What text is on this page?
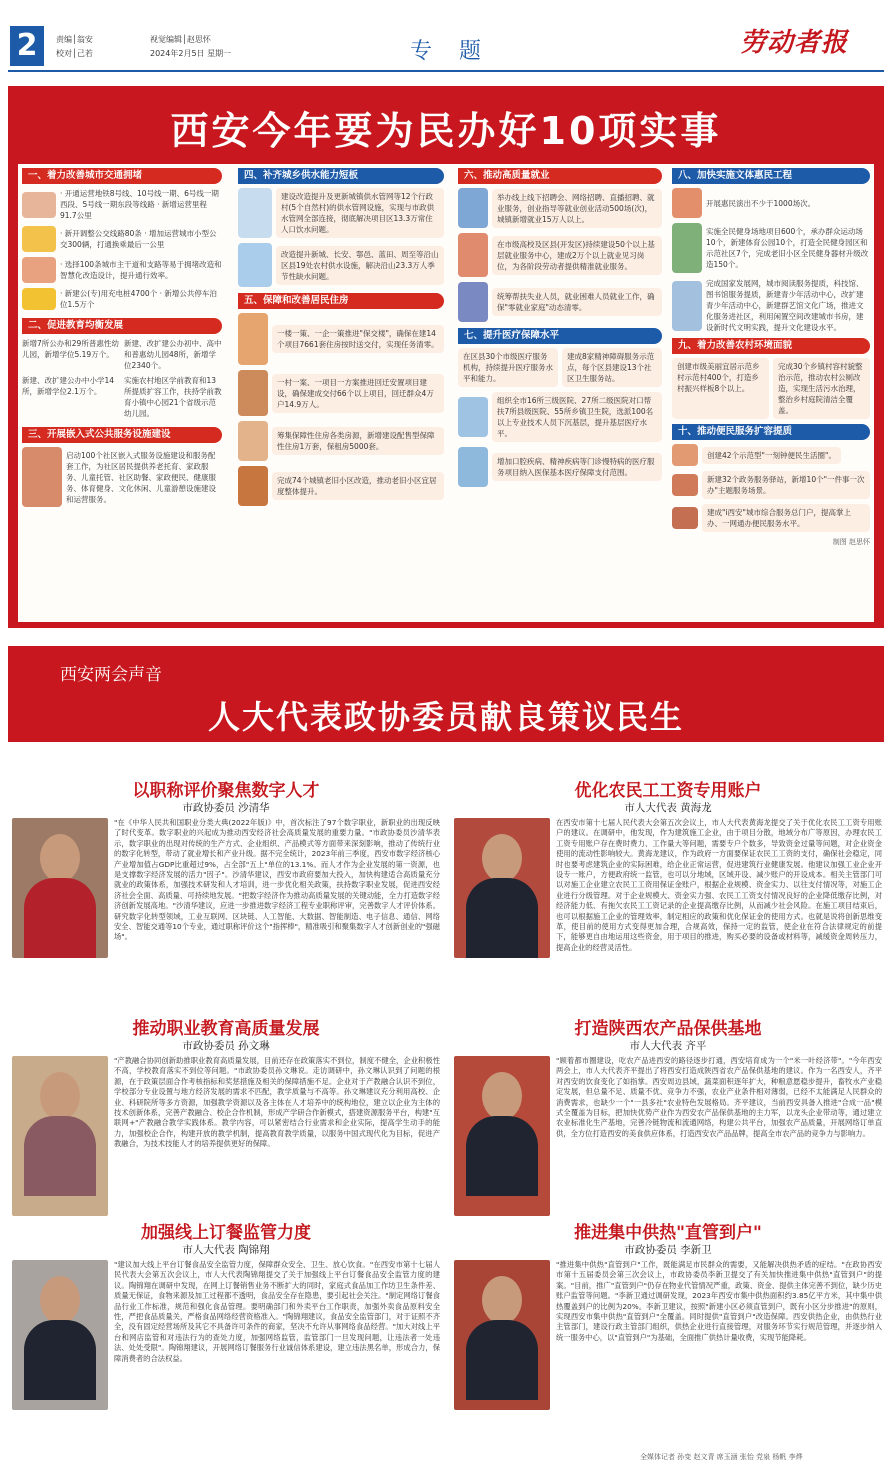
2	责编│翁安
校对│己若
视觉编辑│赵思怀
2024年2月5日 星期一	专 题	劳动者报
西安今年要为民办好10项实事
一、着力改善城市交通拥堵
· 开通运营地铁8号线、10号线一期、6号线一期西段、5号线一期东段等线路 · 新增运营里程91.7公里
· 新开调整公交线路80条 · 增加运营城市小型公交300辆，打通换乘最后一公里
· 选择100条城市主干道和支路等易于拥堵改造和智慧化改造设计，提升通行效率。
· 新建公(专)用充电桩4700个 · 新增公共停车泊位1.5万个
二、促进教育均衡发展
新增7所公办和29所普惠性幼儿园，新增学位5.19万个。
新建、改扩建公办初中、高中和普惠幼儿园48所，新增学位2340个。
新建、改扩建公办中小学14所，新增学位2.1万个。
实施农村地区学前教育和13所提质扩容工作，扶持学前教育小镇中心园21个省级示范幼儿园。
三、开展嵌入式公共服务设施建设
启动100个社区嵌入式服务设施建设和服务配套工作，为社区居民提供养老托育、家政服务、儿童托管、社区助餐、家政便民、健康服务、体育健身、文化休闲、儿童游憩设施建设和运营服务。
四、补齐城乡供水能力短板
建设改造提升及更新城镇供水管网等12个行政村(5个自然村)的供水管网设施，实现与市政供水管网全部连接，彻底解决项目区13.3万常住人口饮水问题。
改造提升新城、长安、鄠邑、蓝田、周至等沿山区县19处农村供水设施，解决沿山23.3万人季节性缺水问题。
五、保障和改善居民住房
一楼一策、一企一策推进"保交楼"，确保在建14个项目7661套住房按时送交付，实现任务清零。
一村一案、一项目一方案推进回迁安置项目建设，确保建成交付66个以上项目，回迁群众4万户14.9万人。
筹集保障性住房各类房源，新增建设配售型保障性住房1万套，保租房5000套。
完成74个城镇老旧小区改造，推动老旧小区宜居度整体提升。
六、推动高质量就业
举办线上线下招聘会、网络招聘、直播招聘、就业服务，创业指导等就业创业活动500场(次)，城镇新增就业15万人以上。
在市级高校及区县(开发区)持续建设50个以上基层就业服务中心，建成2万个以上就业见习岗位，为各阶段劳动者提供精准就业服务。
统筹帮扶失业人员，就业困难人员就业工作，确保"零就业家庭"动态清零。
七、提升医疗保障水平
在区县30个市级医疗服务机构，持续提升医疗服务水平和能力。
建成8家精神障碍服务示范点，每个区县建设13个社区卫生服务站。
组织全市16所三级医院、27所二级医院对口帮扶7所县级医院、55所乡镇卫生院，选派100名以上专业技术人员下沉基层，提升基层医疗水平。
增加口腔疾病、精神疾病等门诊慢特病的医疗服务项目纳入医保基本医疗保障支付范围。
八、加快实施文体惠民工程
开展惠民演出不少于1000场次。
实施全民健身场地项目600个，承办群众运动场10个，新建体育公园10个，打造全民健身园区和示范社区7个，完成老旧小区全民健身器材升级改造150个。
完成国家发展网，城市阅读服务提质，科技馆、图书馆服务提质，新建青少年活动中心，改扩建青少年活动中心，新建群艺馆文化广场，推进文化服务进社区，利用闲置空间改建城市书房，建设新时代文明实践，提升文化建设水平。
九、着力改善农村环境面貌
创建市级美丽宜居示范乡村示范村400个，打造乡村振兴样板8个以上。
完成30个乡镇村容村貌整治示范，推动农村公厕改造，实现生活污水治理，整治乡村庭院清洁全覆盖。
十、推动便民服务扩容提质
创建42个示范型"一刻钟便民生活圈"。
新建32个政务服务驿站，新增10个"一件事一次办"主题服务场景。
建成"i西安"城市综合服务总门户，提高掌上办、一网通办便民服务水平。
制图 赵思怀
西安两会声音
人大代表政协委员献良策议民生
以职称评价聚焦数字人才
市政协委员 沙清华
"在《中华人民共和国职业分类大典(2022年版)》中，首次标注了97个数字职业，新职业的出现反映了时代变革。数字职业的兴起成为推动西安经济社会高质量发展的重要力量。"市政协委员沙清华表示，数字职业的出现对传统的生产方式、企业组织、产品模式等方面带来深刻影响，推动了传统行业的数字化转型，带动了就业增长和产业升级。据不完全统计，2023年前三季度，西安市数字经济核心产业增加值占GDP比重超过9%，占全部"五上"单位的13.1%。而人才作为企业发展的第一资源，也是支撑数字经济发展的活力"因子"。沙清华建议，西安市政府要加大投入，加快构建适合高质量充分就业的政策体系，加强技术研发和人才培训，进一步优化相关政策，扶持数字职业发展，促进西安经济社会全面、高质量、可持续地发展。"把数字经济作为推动高质量发展的关键动能，全力打造数字经济创新发展高地。"沙清华建议，应进一步推进数字经济工程专业职称评审，完善数字人才评价体系。研究数字化转型领域，工业互联网、区块链、人工智能、大数据、智能制造、电子信息、通信、网络安全、智能交通等10个专业，通过职称评价这个"指挥棒"，精准吸引和聚集数字人才创新创业的"强磁场"。
优化农民工工资专用账户
市人大代表 黄海龙
在西安市第十七届人民代表大会第五次会议上，市人大代表黄海龙提交了关于优化农民工工资专用账户的建议。在调研中，他发现，作为建筑施工企业，由于项目分散，地域分布广等原因，办理农民工工资专用账户存在费时费力、工作量大等问题，需要专户个数多，导致资金过量等问题，对企业资金使用的流动性影响较大。黄海龙建议，作为政府一方面要保证农民工工资的支付，确保社会稳定，同时也要考虑建筑企业的实际困难，给企业正常运营，促进建筑行业健康发展。他建议加强工业企业开设专一账户，方便政府统一监管，也可以分地域，区域开设、减少账户的开设成本。相关主管部门可以对施工企业建立农民工工资用保证金账户，根据企业规模、资金实力、以往支付情况等，对施工企业进行分级管理。对于企业规模大、资金实力强、农民工工资支付情况良好的企业降低缴存比例，对经济能力低、有拖欠农民工工资记录的企业提高缴存比例，从而减少社会风险。在施工项目结束后，也可以根据施工企业的管理效率，制定相应的政策和优化保证金的使用方式。也就是说将创新思维变革，使目前的使用方式变得更加合理，合规高效，保持一定的监管，使企业在符合法律规定的前提下，能够更自由地运用这些资金，用于项目的推进，购买必要的设备或材料等，减缓资金周转压力，提高企业的经营灵活性。
推动职业教育高质量发展
市政协委员 孙文琳
"产教融合协同创新助推职业教育高质量发展，目前还存在政策落实不到位，制度不健全，企业积极性不高，学校教育落实不到位等问题。"市政协委员孙文琳说。走访调研中，孙文琳认识到了问题的根源，在于政策层面合作考核指标和奖惩措施及相关的保障措施不足。企业对于产教融合认识不到位，学校部分专业设置与地方经济发展的需求不匹配，教学质量与不高等。孙文琳建议充分利用高校、企业、科研院所等多方资源，加强教学资源以及各主体在人才培养中的统构地位，建立以企业为主体的技术创新体系，完善产教融合、校企合作机制，形成产学研合作新模式，搭建资源服务平台，构建"互联网+"产教融合教学实践体系。教学内容，可以紧密结合行业需求和企业实际，提高学生动手的能力，加强校企合作，构建开放的教学机制，提高教育教学质量，以服务中国式现代化为目标，促进产教融合，为技术技能人才的培养提供更好的保障。
打造陕西农产品保供基地
市人大代表 齐平
"顾着都市圈建设，吃农产品进西安的路径逐步打通，西安培育成为一个"米一叶经济带"。"今年西安两会上，市人大代表齐平提出了将西安打造成陕西省农产品保供基地的建议。作为一名西安人，齐平对西安的饮食变化了如指掌。西安周边县域，蔬菜面积逐年扩大，种粮意愿稳步提升，畜牧水产业稳定发展，但总量不足、质量不优、竞争力不强，农业产业条件相对薄弱，已经不太能满足人民群众的消费需求，也缺少一个"一县多社"农业特色发展格局。齐平建议，当前西安具备入推进"合成一品"模式全覆盖为目标，把加快优势产业作为西安农产品保供基地的主力军，以龙头企业带动等，通过建立农业标准化生产基地，完善冷链物流和流通网络，构建公共平台，加强农产品质量，开展网络订单直供，全方位打造西安的美食供应体系，打造西安农产品品牌，提高全市农产品的竞争力与影响力。
加强线上订餐监管力度
市人大代表 陶锦翔
"建议加大线上平台订餐食品安全监管力度，保障群众安全、卫生、放心饮食。"在西安市第十七届人民代表大会第五次会议上，市人大代表陶锦翔提交了关于加强线上平台订餐食品安全监管力度的建议。陶锦翔在调研中发现，在网上订餐销售业务不断扩大的同时，家庭式食品加工作坊卫生条件差、质量无保证，食物来源及加工过程都不透明，食品安全存在隐患，要引起社会关注。"制定网络订餐食品行业工作标准，规范和强化食品管理。要明确部门和外卖平台工作职责，加强外卖食品原料安全性，严把食品质量关，严格食品网络经营资格准入。"陶锦翔建议，食品安全监管部门，对于证照不齐全，没有固定经营场所及其它不具备许可条件的商家，坚决不允许从事网络食品经营。"加大对线上平台和网店监管和对违法行为的查处力度，加强网络监管，监管部门一旦发现问题，让违法者一处违法、处处受限"。陶锦翔建议，开展网络订餐服务行业诚信体系建设，建立违法黑名单，形成合力，保障消费者的合法权益。
推进集中供热"直管到户"
市政协委员 李新卫
"推进集中供热"直管到户"工作，既能满足市民群众的需要，又能解决供热矛盾的症结。"在政协西安市第十五届委员会第三次会议上，市政协委员李新卫提交了有关加快推进集中供热"直管到户"的提案。"目前，推广"直管到户"仍存在物业代管情况严重，政策、资金、提供主体完善不到位，缺少历史账户监管等问题。"李新卫通过调研发现，2023年西安市集中供热面积约3.85亿平方米，其中集中供热覆盖到户的比例为20%。李新卫建议，按照"新建小区必须直管到户，既有小区分步推进"的原则，实现西安市集中供热"直管到户"全覆盖。同时提供"直管到户"改造保障。西安供热企业，由供热行业主管部门，建设行政主管部门组织，供热企业进行直接管理，对服务环节实行规范管理，并逐步纳入统一服务中心，以"直管到户"为基础，全面推广供热计量收费，实现节能降耗。
全媒体记者 孙变 赵文青 席玉涵 张怡 党泉 杨帆 李烨
